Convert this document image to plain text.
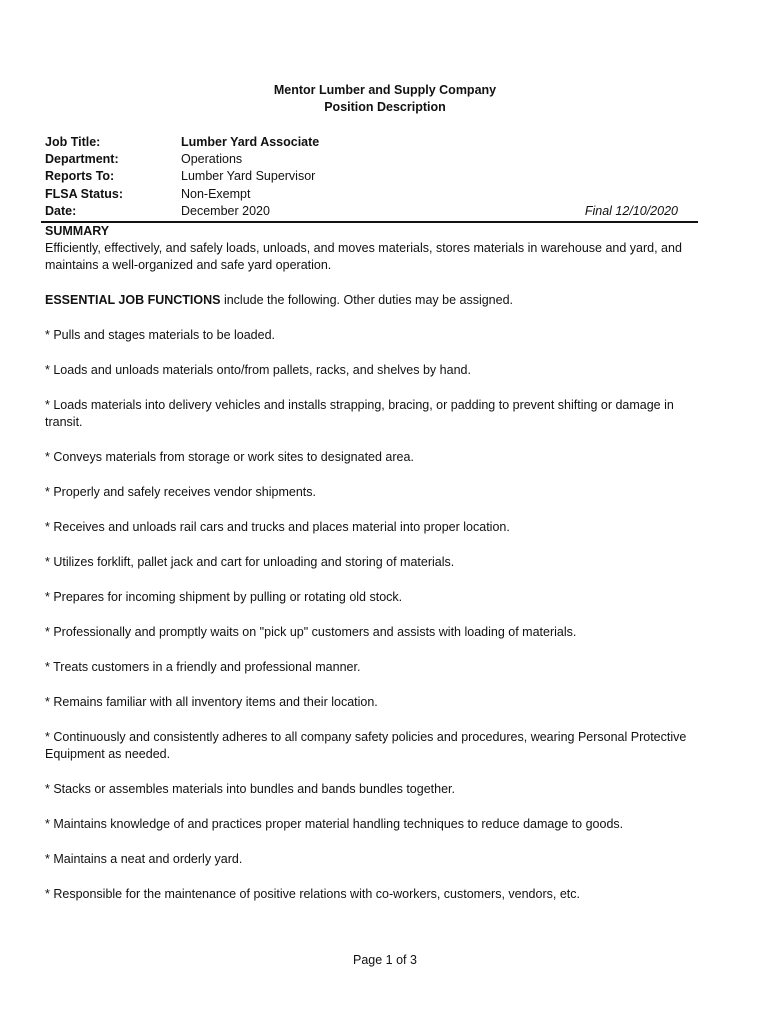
Mentor Lumber and Supply Company
Position Description
Job Title:	Lumber Yard Associate
Department:	Operations
Reports To:	Lumber Yard Supervisor
FLSA Status:	Non-Exempt
Date:	December 2020	Final 12/10/2020
SUMMARY

Efficiently, effectively, and safely loads, unloads, and moves materials, stores materials in warehouse and yard, and maintains a well-organized and safe yard operation.

ESSENTIAL JOB FUNCTIONS include the following. Other duties may be assigned.

* Pulls and stages materials to be loaded.

* Loads and unloads materials onto/from pallets, racks, and shelves by hand.

* Loads materials into delivery vehicles and installs strapping, bracing, or padding to prevent shifting or damage in transit.

* Conveys materials from storage or work sites to designated area.

* Properly and safely receives vendor shipments.

* Receives and unloads rail cars and trucks and places material into proper location.

* Utilizes forklift, pallet jack and cart for unloading and storing of materials.

* Prepares for incoming shipment by pulling or rotating old stock.

* Professionally and promptly waits on "pick up" customers and assists with loading of materials.

* Treats customers in a friendly and professional manner.

* Remains familiar with all inventory items and their location.

* Continuously and consistently adheres to all company safety policies and procedures, wearing Personal Protective Equipment as needed.

* Stacks or assembles materials into bundles and bands bundles together.

* Maintains knowledge of and practices proper material handling techniques to reduce damage to goods.

* Maintains a neat and orderly yard.

* Responsible for the maintenance of positive relations with co-workers, customers, vendors, etc.

Page 1 of 3
